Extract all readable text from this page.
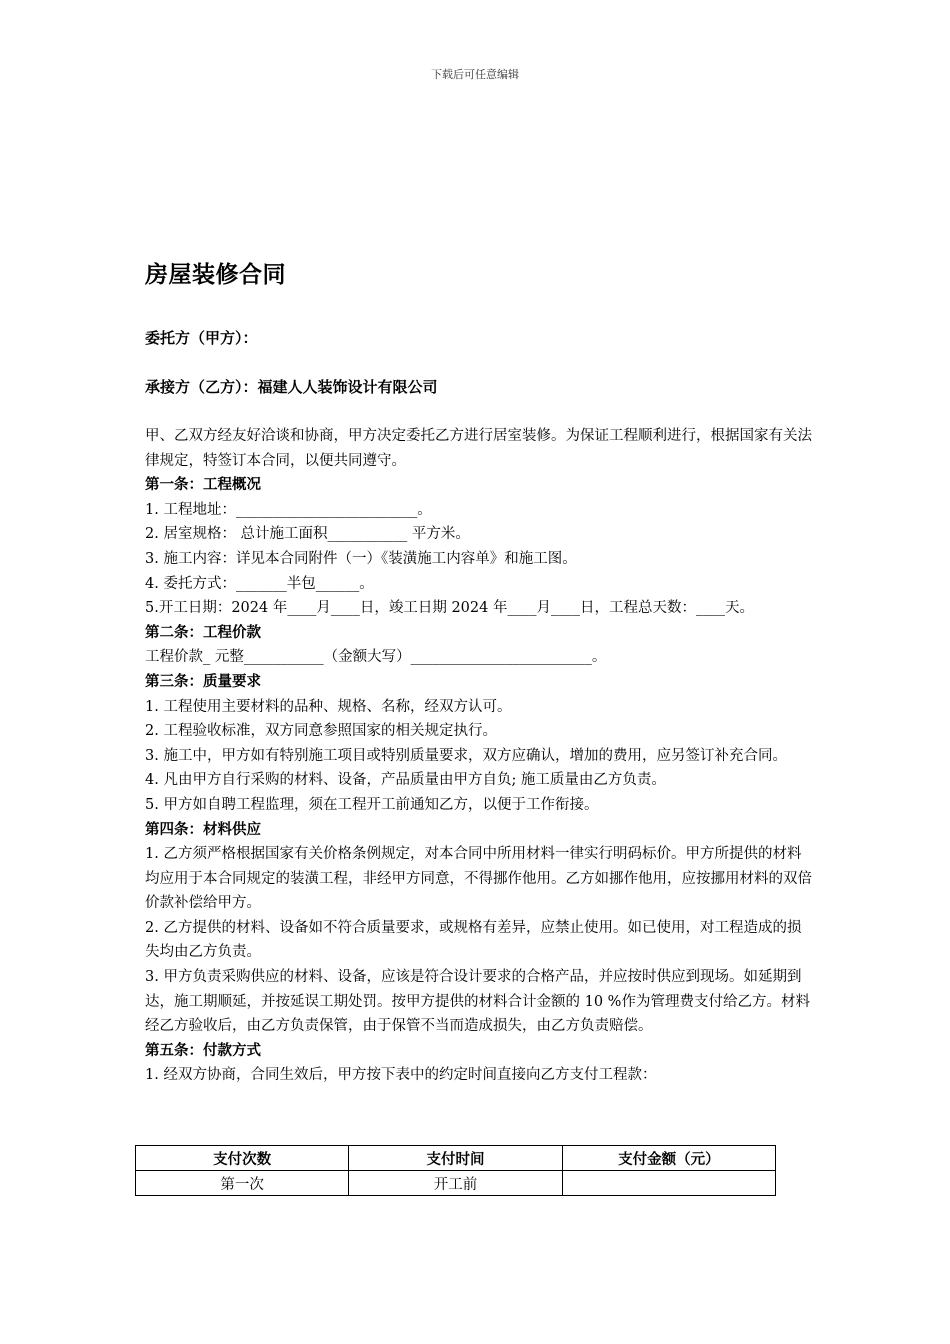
下载后可任意编辑
房屋装修合同
委托方（甲方）：
承接方（乙方）：福建人人装饰设计有限公司

甲、乙双方经友好洽谈和协商，甲方决定委托乙方进行居室装修。为保证工程顺利进行，根据国家有关法律规定，特签订本合同，以便共同遵守。

第一条：工程概况

1. 工程地址：_________________________。

2. 居室规格： 总计施工面积___________ 平方米。

3. 施工内容：详见本合同附件（一）《装潢施工内容单》和施工图。

4. 委托方式：_______半包______。

5.开工日期：2024 年____月____日，竣工日期 2024 年____月____日，工程总天数：____天。

第二条：工程价款

工程价款_ 元整___________（金额大写）_________________________。

第三条：质量要求

1. 工程使用主要材料的品种、规格、名称，经双方认可。

2. 工程验收标准，双方同意参照国家的相关规定执行。

3. 施工中，甲方如有特别施工项目或特别质量要求，双方应确认，增加的费用，应另签订补充合同。

4. 凡由甲方自行采购的材料、设备，产品质量由甲方自负; 施工质量由乙方负责。

5. 甲方如自聘工程监理，须在工程开工前通知乙方，以便于工作衔接。

第四条：材料供应

1. 乙方须严格根据国家有关价格条例规定，对本合同中所用材料一律实行明码标价。甲方所提供的材料均应用于本合同规定的装潢工程，非经甲方同意，不得挪作他用。乙方如挪作他用，应按挪用材料的双倍价款补偿给甲方。

2. 乙方提供的材料、设备如不符合质量要求，或规格有差异，应禁止使用。如已使用，对工程造成的损失均由乙方负责。

3. 甲方负责采购供应的材料、设备，应该是符合设计要求的合格产品，并应按时供应到现场。如延期到达，施工期顺延，并按延误工期处罚。按甲方提供的材料合计金额的 10 %作为管理费支付给乙方。材料经乙方验收后，由乙方负责保管，由于保管不当而造成损失，由乙方负责赔偿。

第五条：付款方式

1. 经双方协商，合同生效后，甲方按下表中的约定时间直接向乙方支付工程款：

支付次数	支付时间	支付金额（元）
第一次	开工前	
